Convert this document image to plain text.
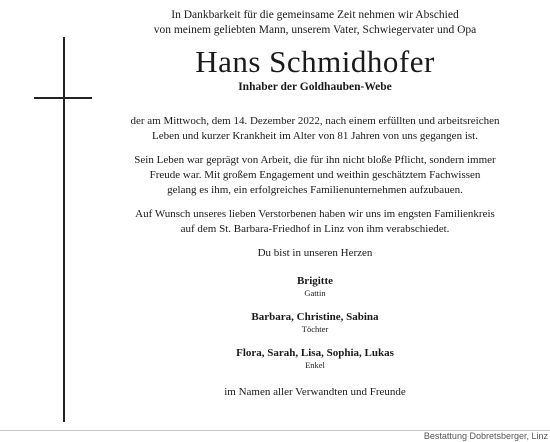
In Dankbarkeit für die gemeinsame Zeit nehmen wir Abschied
von meinem geliebten Mann, unserem Vater, Schwiegervater und Opa

Hans Schmidhofer

Inhaber der Goldhauben-Webe

der am Mittwoch, dem 14. Dezember 2022, nach einem erfüllten und arbeitsreichen
Leben und kurzer Krankheit im Alter von 81 Jahren von uns gegangen ist.

Sein Leben war geprägt von Arbeit, die für ihn nicht bloße Pflicht, sondern immer
Freude war. Mit großem Engagement und weithin geschätztem Fachwissen
gelang es ihm, ein erfolgreiches Familienunternehmen aufzubauen.

Auf Wunsch unseres lieben Verstorbenen haben wir uns im engsten Familienkreis
auf dem St. Barbara-Friedhof in Linz von ihm verabschiedet.

Du bist in unseren Herzen

Brigitte

Gattin

Barbara, Christine, Sabina

Töchter

Flora, Sarah, Lisa, Sophia, Lukas

Enkel

im Namen aller Verwandten und Freunde

Bestattung Dobretsberger, Linz
